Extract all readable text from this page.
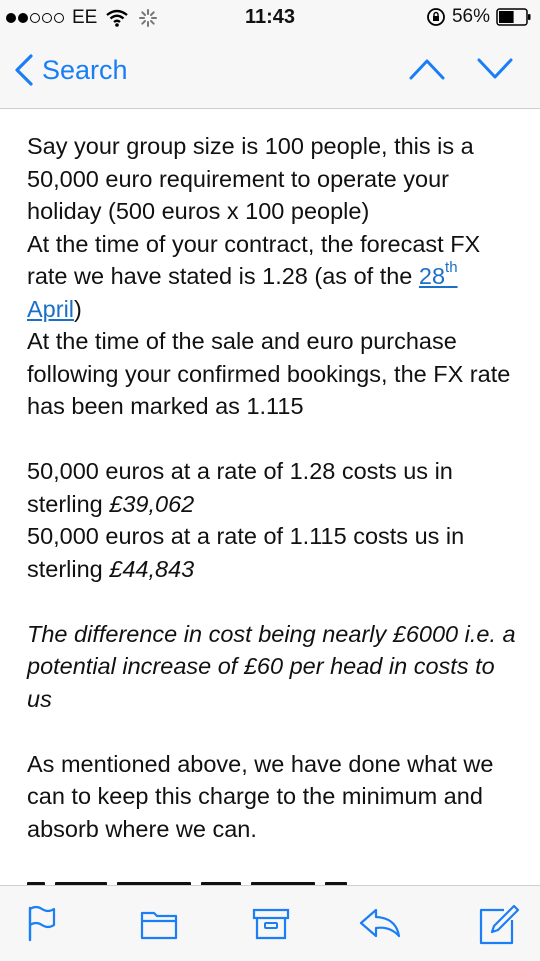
EE	11:43	56%
Search

Say your group size is 100 people, this is a 50,000 euro requirement to operate your holiday (500 euros x 100 people)

At the time of your contract, the forecast FX rate we have stated is 1.28 (as of the 28th April)

At the time of the sale and euro purchase following your confirmed bookings, the FX rate has been marked as 1.115

50,000 euros at a rate of 1.28 costs us in sterling £39,062

50,000 euros at a rate of 1.115 costs us in sterling £44,843

The difference in cost being nearly £6000 i.e. a potential increase of £60 per head in costs to us

As mentioned above, we have done what we can to keep this charge to the minimum and absorb where we can.
